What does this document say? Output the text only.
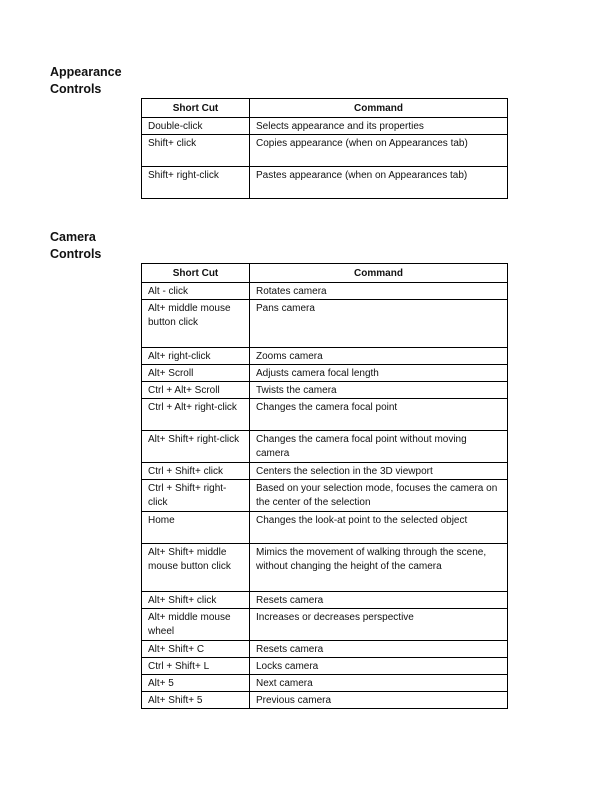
Appearance
Controls
Short Cut	Command
Double-click	Selects appearance and its properties
Shift+ click	Copies appearance (when on Appearances tab)
Shift+ right-click	Pastes appearance (when on Appearances tab)
Camera
Controls
Short Cut	Command
Alt - click	Rotates camera
Alt+ middle mouse button click	Pans camera
Alt+ right-click	Zooms camera
Alt+ Scroll	Adjusts camera focal length
Ctrl + Alt+ Scroll	Twists the camera
Ctrl + Alt+ right-click	Changes the camera focal point
Alt+ Shift+ right-click	Changes the camera focal point without moving camera
Ctrl + Shift+ click	Centers the selection in the 3D viewport
Ctrl + Shift+ right-click	Based on your selection mode, focuses the camera on the center of the selection
Home	Changes the look-at point to the selected object
Alt+ Shift+ middle mouse button click	Mimics the movement of walking through the scene, without changing the height of the camera
Alt+ Shift+ click	Resets camera
Alt+ middle mouse wheel	Increases or decreases perspective
Alt+ Shift+ C	Resets camera
Ctrl + Shift+ L	Locks camera
Alt+ 5	Next camera
Alt+ Shift+ 5	Previous camera
